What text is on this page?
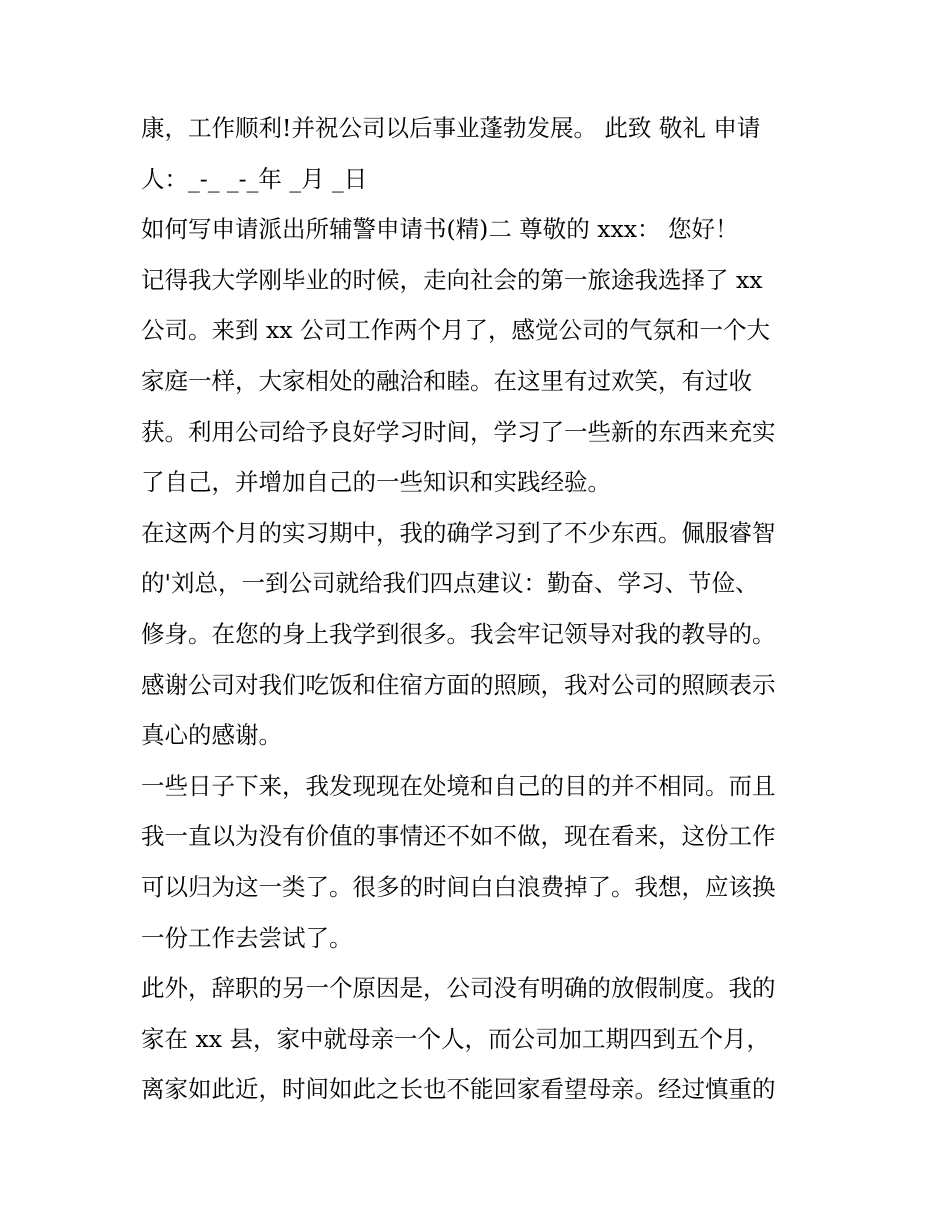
康，工作顺利!并祝公司以后事业蓬勃发展。 此致 敬礼 申请
人：_-_ _-_年 _月 _日
如何写申请派出所辅警申请书(精)二 尊敬的 xxx： 您好！
记得我大学刚毕业的时候，走向社会的第一旅途我选择了 xx
公司。来到 xx 公司工作两个月了，感觉公司的气氛和一个大
家庭一样，大家相处的融洽和睦。在这里有过欢笑，有过收
获。利用公司给予良好学习时间，学习了一些新的东西来充实
了自己，并增加自己的一些知识和实践经验。
在这两个月的实习期中，我的确学习到了不少东西。佩服睿智
的'刘总，一到公司就给我们四点建议：勤奋、学习、节俭、
修身。在您的身上我学到很多。我会牢记领导对我的教导的。
感谢公司对我们吃饭和住宿方面的照顾，我对公司的照顾表示
真心的感谢。
一些日子下来，我发现现在处境和自己的目的并不相同。而且
我一直以为没有价值的事情还不如不做，现在看来，这份工作
可以归为这一类了。很多的时间白白浪费掉了。我想，应该换
一份工作去尝试了。
此外，辞职的另一个原因是，公司没有明确的放假制度。我的
家在 xx 县，家中就母亲一个人，而公司加工期四到五个月，
离家如此近，时间如此之长也不能回家看望母亲。经过慎重的
